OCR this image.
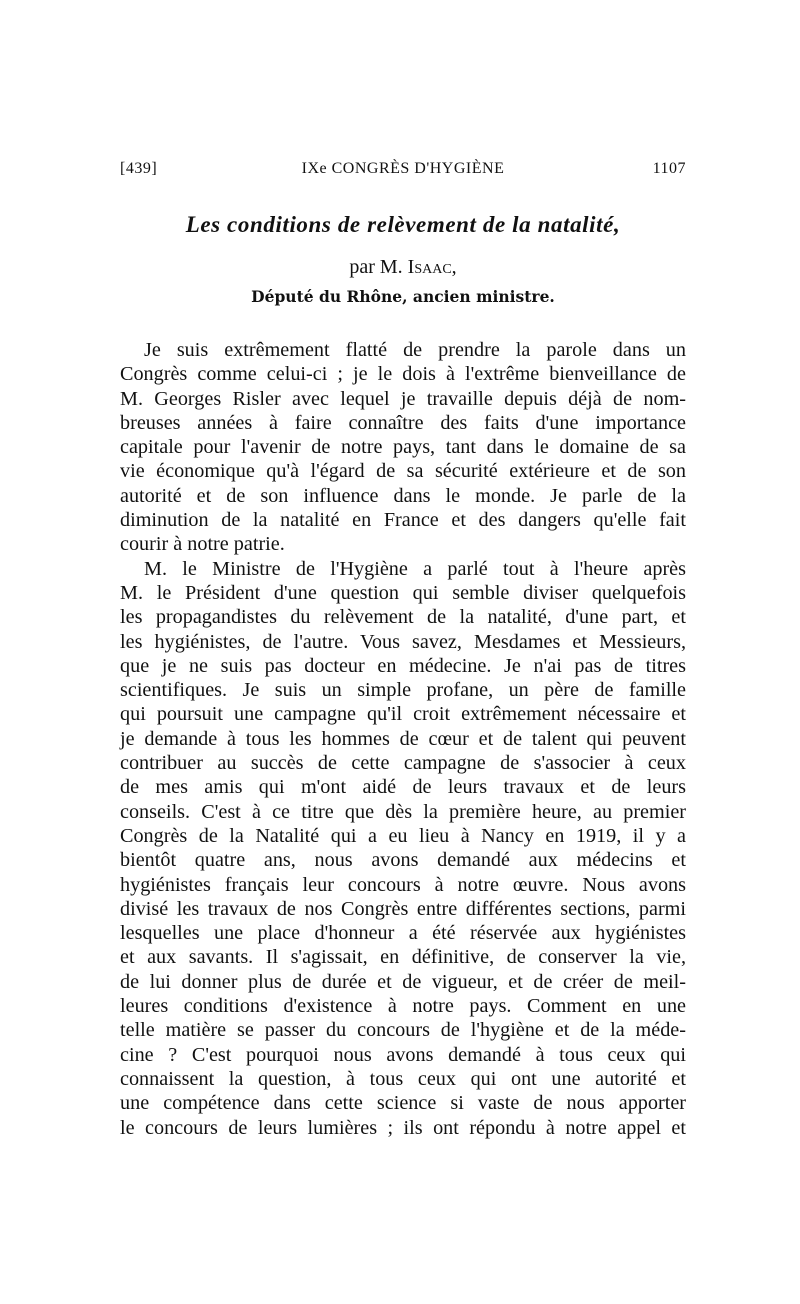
[439]	IXe CONGRÈS D'HYGIÈNE	1107
Les conditions de relèvement de la natalité,
par M. Isaac,
Député du Rhône, ancien ministre.
Je suis extrêmement flatté de prendre la parole dans un
Congrès comme celui-ci ; je le dois à l'extrême bienveillance de
M. Georges Risler avec lequel je travaille depuis déjà de nom-
breuses années à faire connaître des faits d'une importance
capitale pour l'avenir de notre pays, tant dans le domaine de sa
vie économique qu'à l'égard de sa sécurité extérieure et de son
autorité et de son influence dans le monde. Je parle de la
diminution de la natalité en France et des dangers qu'elle fait
courir à notre patrie.
M. le Ministre de l'Hygiène a parlé tout à l'heure après
M. le Président d'une question qui semble diviser quelquefois
les propagandistes du relèvement de la natalité, d'une part, et
les hygiénistes, de l'autre. Vous savez, Mesdames et Messieurs,
que je ne suis pas docteur en médecine. Je n'ai pas de titres
scientifiques. Je suis un simple profane, un père de famille
qui poursuit une campagne qu'il croit extrêmement nécessaire et
je demande à tous les hommes de cœur et de talent qui peuvent
contribuer au succès de cette campagne de s'associer à ceux
de mes amis qui m'ont aidé de leurs travaux et de leurs
conseils. C'est à ce titre que dès la première heure, au premier
Congrès de la Natalité qui a eu lieu à Nancy en 1919, il y a
bientôt quatre ans, nous avons demandé aux médecins et
hygiénistes français leur concours à notre œuvre. Nous avons
divisé les travaux de nos Congrès entre différentes sections, parmi
lesquelles une place d'honneur a été réservée aux hygiénistes
et aux savants. Il s'agissait, en définitive, de conserver la vie,
de lui donner plus de durée et de vigueur, et de créer de meil-
leures conditions d'existence à notre pays. Comment en une
telle matière se passer du concours de l'hygiène et de la méde-
cine ? C'est pourquoi nous avons demandé à tous ceux qui
connaissent la question, à tous ceux qui ont une autorité et
une compétence dans cette science si vaste de nous apporter
le concours de leurs lumières ; ils ont répondu à notre appel et
